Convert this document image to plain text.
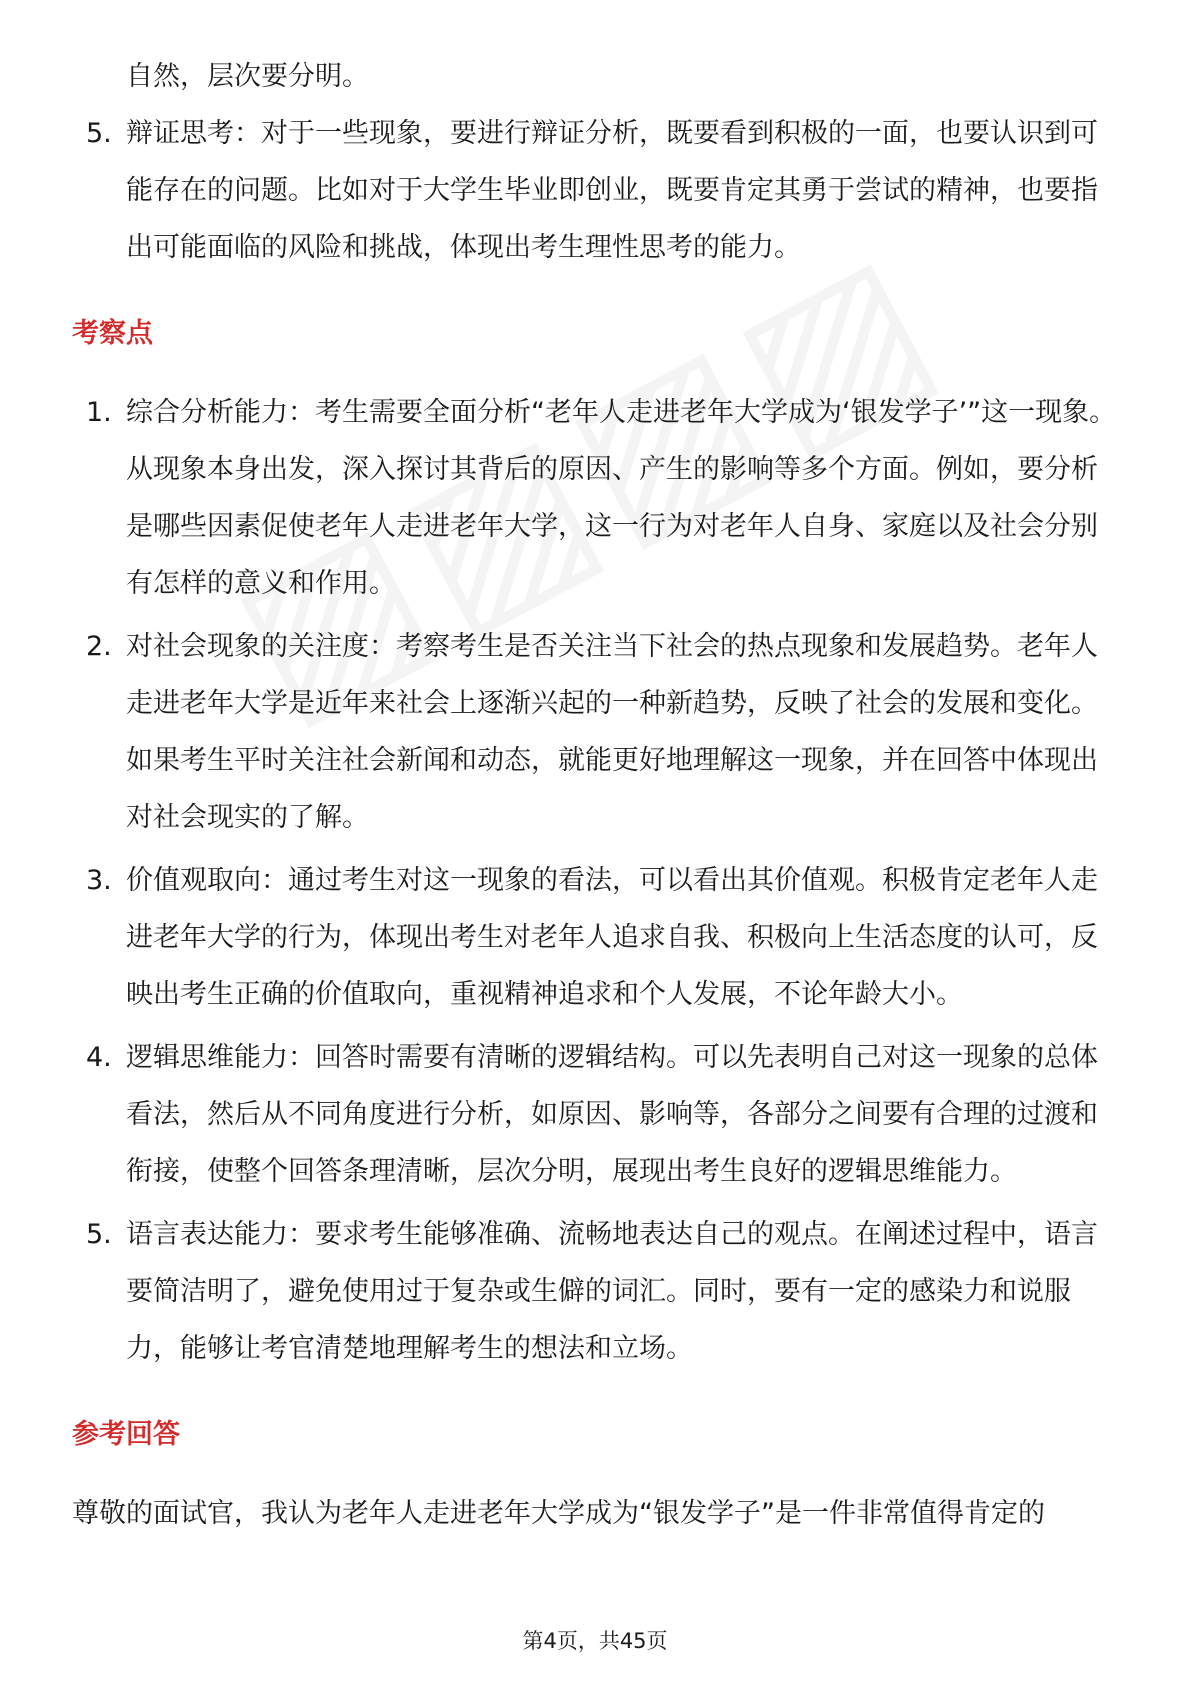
自然，层次要分明。

5. 辩证思考：对于一些现象，要进行辩证分析，既要看到积极的一面，也要认识到可能存在的问题。比如对于大学生毕业即创业，既要肯定其勇于尝试的精神，也要指出可能面临的风险和挑战，体现出考生理性思考的能力。
考察点
1. 综合分析能力：考生需要全面分析“老年人走进老年大学成为‘银发学子’”这一现象。从现象本身出发，深入探讨其背后的原因、产生的影响等多个方面。例如，要分析是哪些因素促使老年人走进老年大学，这一行为对老年人自身、家庭以及社会分别有怎样的意义和作用。
2. 对社会现象的关注度：考察考生是否关注当下社会的热点现象和发展趋势。老年人走进老年大学是近年来社会上逐渐兴起的一种新趋势，反映了社会的发展和变化。如果考生平时关注社会新闻和动态，就能更好地理解这一现象，并在回答中体现出对社会现实的了解。
3. 价值观取向：通过考生对这一现象的看法，可以看出其价值观。积极肯定老年人走进老年大学的行为，体现出考生对老年人追求自我、积极向上生活态度的认可，反映出考生正确的价值取向，重视精神追求和个人发展，不论年龄大小。
4. 逻辑思维能力：回答时需要有清晰的逻辑结构。可以先表明自己对这一现象的总体看法，然后从不同角度进行分析，如原因、影响等，各部分之间要有合理的过渡和衔接，使整个回答条理清晰，层次分明，展现出考生良好的逻辑思维能力。
5. 语言表达能力：要求考生能够准确、流畅地表达自己的观点。在阐述过程中，语言要简洁明了，避免使用过于复杂或生僻的词汇。同时，要有一定的感染力和说服力，能够让考官清楚地理解考生的想法和立场。
参考回答

尊敬的面试官，我认为老年人走进老年大学成为“银发学子”是一件非常值得肯定的

第4页，共45页
